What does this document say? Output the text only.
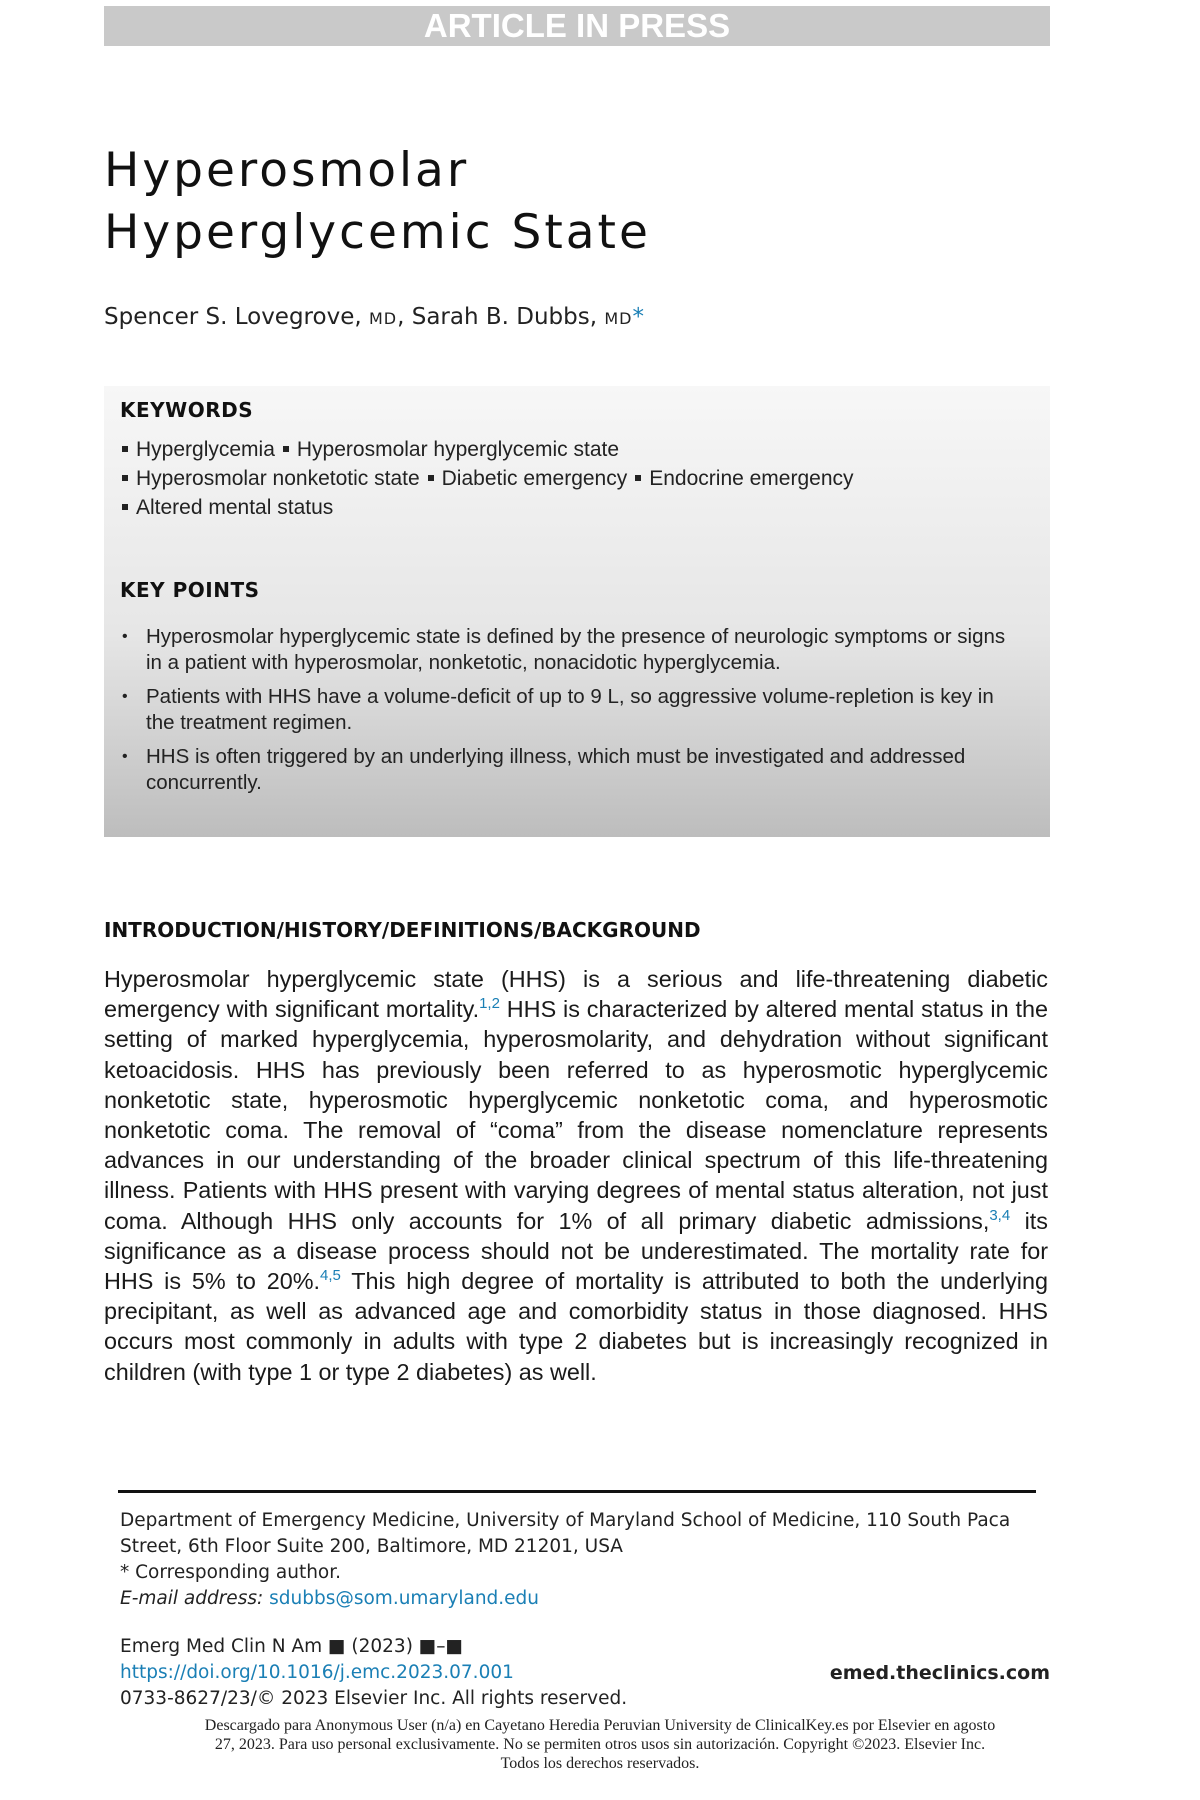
ARTICLE IN PRESS
Hyperosmolar
Hyperglycemic State
Spencer S. Lovegrove, MD, Sarah B. Dubbs, MD*
KEYWORDS
Hyperglycemia Hyperosmolar hyperglycemic state
Hyperosmolar nonketotic state Diabetic emergency Endocrine emergency
Altered mental status
KEY POINTS
• Hyperosmolar hyperglycemic state is defined by the presence of neurologic symptoms or signs in a patient with hyperosmolar, nonketotic, nonacidotic hyperglycemia.
• Patients with HHS have a volume-deficit of up to 9 L, so aggressive volume-repletion is key in the treatment regimen.
• HHS is often triggered by an underlying illness, which must be investigated and addressed concurrently.
INTRODUCTION/HISTORY/DEFINITIONS/BACKGROUND

Hyperosmolar hyperglycemic state (HHS) is a serious and life-threatening diabetic emergency with significant mortality.$^{1,2}$ HHS is characterized by altered mental status in the setting of marked hyperglycemia, hyperosmolarity, and dehydration without significant ketoacidosis. HHS has previously been referred to as hyperosmotic hyperglycemic nonketotic state, hyperosmotic hyperglycemic nonketotic coma, and hyperosmotic nonketotic coma. The removal of “coma” from the disease nomenclature represents advances in our understanding of the broader clinical spectrum of this life-threatening illness. Patients with HHS present with varying degrees of mental status alteration, not just coma. Although HHS only accounts for 1% of all primary diabetic admissions,$^{3,4}$ its significance as a disease process should not be underestimated. The mortality rate for HHS is 5% to 20%.$^{4,5}$ This high degree of mortality is attributed to both the underlying precipitant, as well as advanced age and comorbidity status in those diagnosed. HHS occurs most commonly in adults with type 2 diabetes but is increasingly recognized in children (with type 1 or type 2 diabetes) as well.

Department of Emergency Medicine, University of Maryland School of Medicine, 110 South Paca Street, 6th Floor Suite 200, Baltimore, MD 21201, USA
* Corresponding author.
E-mail address: sdubbs@som.umaryland.edu
Emerg Med Clin N Am ■ (2023) ■–■
https://doi.org/10.1016/j.emc.2023.07.001
0733-8627/23/© 2023 Elsevier Inc. All rights reserved.
emed.theclinics.com
Descargado para Anonymous User (n/a) en Cayetano Heredia Peruvian University de ClinicalKey.es por Elsevier en agosto 27, 2023. Para uso personal exclusivamente. No se permiten otros usos sin autorización. Copyright ©2023. Elsevier Inc. Todos los derechos reservados.
